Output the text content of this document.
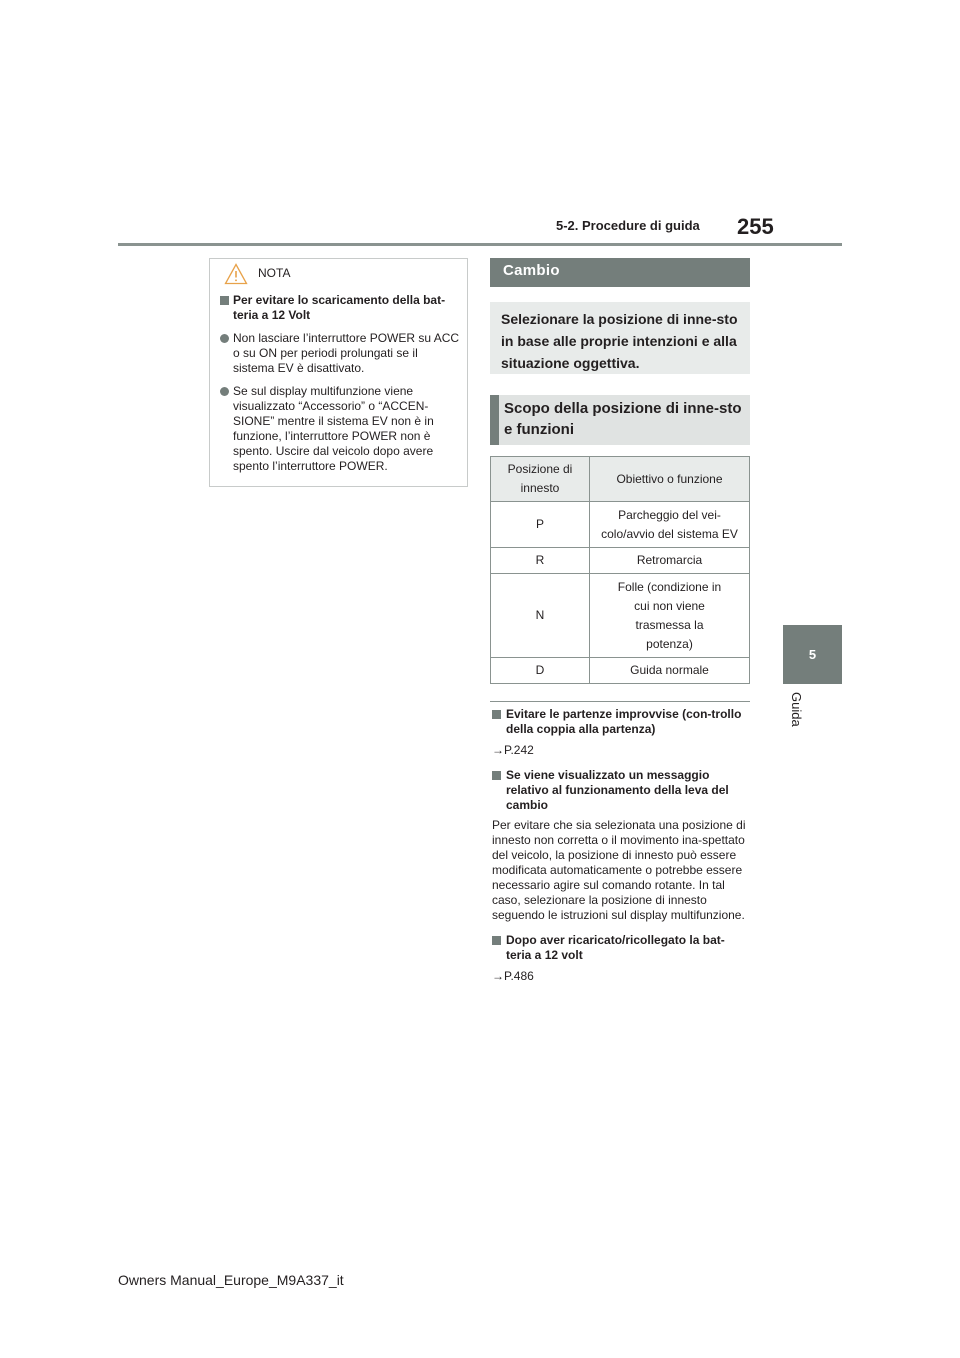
5-2. Procedure di guida 255
5
Guida
NOTA

Per evitare lo scaricamento della bat-teria a 12 Volt

Non lasciare l’interruttore POWER su ACC o su ON per periodi prolungati se il sistema EV è disattivato.

Se sul display multifunzione viene visualizzato “Accessorio” o “ACCEN-SIONE” mentre il sistema EV non è in funzione, l’interruttore POWER non è spento. Uscire dal veicolo dopo avere spento l’interruttore POWER.

Cambio
Selezionare la posizione di inne-sto in base alle proprie intenzioni e alla situazione oggettiva.
Scopo della posizione di inne-sto e funzioni
Posizione di innesto	Obiettivo o funzione
P	Parcheggio del vei-colo/avvio del sistema EV
R	Retromarcia
N	Folle (condizione in cui non viene trasmessa la potenza)
D	Guida normale

Evitare le partenze improvvise (con-trollo della coppia alla partenza)

→P.242

Se viene visualizzato un messaggio relativo al funzionamento della leva del cambio

Per evitare che sia selezionata una posizione di innesto non corretta o il movimento ina-spettato del veicolo, la posizione di innesto può essere modificata automaticamente o potrebbe essere necessario agire sul comando rotante. In tal caso, selezionare la posizione di innesto seguendo le istruzioni sul display multifunzione.

Dopo aver ricaricato/ricollegato la bat-teria a 12 volt

→P.486

Owners Manual_Europe_M9A337_it
